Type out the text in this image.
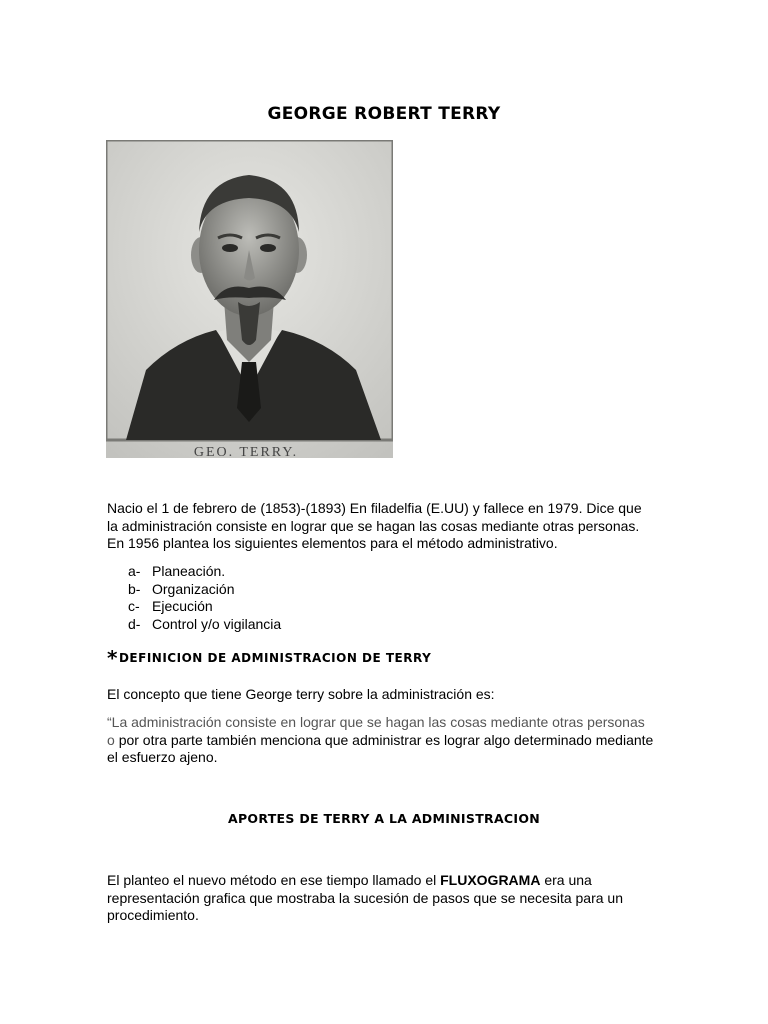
GEORGE ROBERT TERRY
GEO. TERRY.
Nacio el 1 de febrero de (1853)-(1893) En filadelfia (E.UU) y fallece en 1979. Dice que la administración consiste en lograr que se hagan las cosas mediante otras personas. En 1956 plantea los siguientes elementos para el método administrativo.
a- Planeación.
b- Organización
c- Ejecución
d- Control y/o vigilancia
*DEFINICION DE ADMINISTRACION DE TERRY
El concepto que tiene George terry sobre la administración es:
“La administración consiste en lograr que se hagan las cosas mediante otras personas o por otra parte también menciona que administrar es lograr algo determinado mediante el esfuerzo ajeno.
APORTES DE TERRY A LA ADMINISTRACION
El planteo el nuevo método en ese tiempo llamado el FLUXOGRAMA era una representación grafica que mostraba la sucesión de pasos que se necesita para un procedimiento.
